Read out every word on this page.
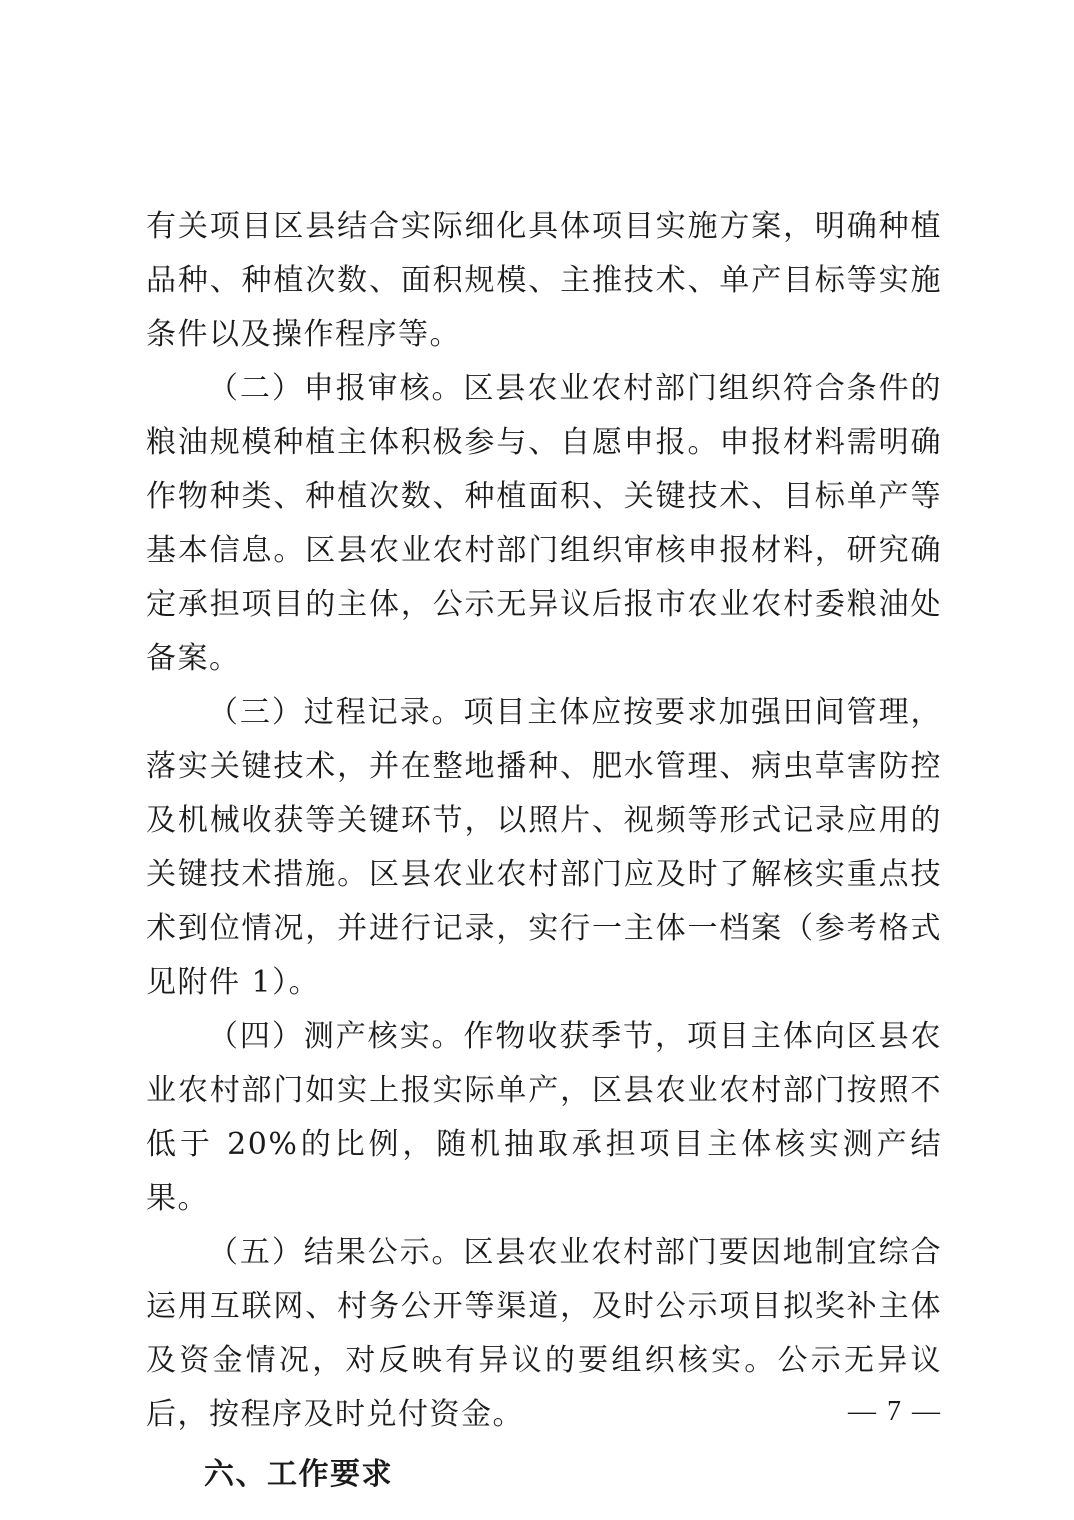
有关项目区县结合实际细化具体项目实施方案，明确种植品种、种植次数、面积规模、主推技术、单产目标等实施条件以及操作程序等。

（二）申报审核。区县农业农村部门组织符合条件的粮油规模种植主体积极参与、自愿申报。申报材料需明确作物种类、种植次数、种植面积、关键技术、目标单产等基本信息。区县农业农村部门组织审核申报材料，研究确定承担项目的主体，公示无异议后报市农业农村委粮油处备案。

（三）过程记录。项目主体应按要求加强田间管理，落实关键技术，并在整地播种、肥水管理、病虫草害防控及机械收获等关键环节，以照片、视频等形式记录应用的关键技术措施。区县农业农村部门应及时了解核实重点技术到位情况，并进行记录，实行一主体一档案（参考格式见附件 1）。

（四）测产核实。作物收获季节，项目主体向区县农业农村部门如实上报实际单产，区县农业农村部门按照不低于 20%的比例，随机抽取承担项目主体核实测产结果。

（五）结果公示。区县农业农村部门要因地制宜综合运用互联网、村务公开等渠道，及时公示项目拟奖补主体及资金情况，对反映有异议的要组织核实。公示无异议后，按程序及时兑付资金。

六、工作要求

— 7 —
